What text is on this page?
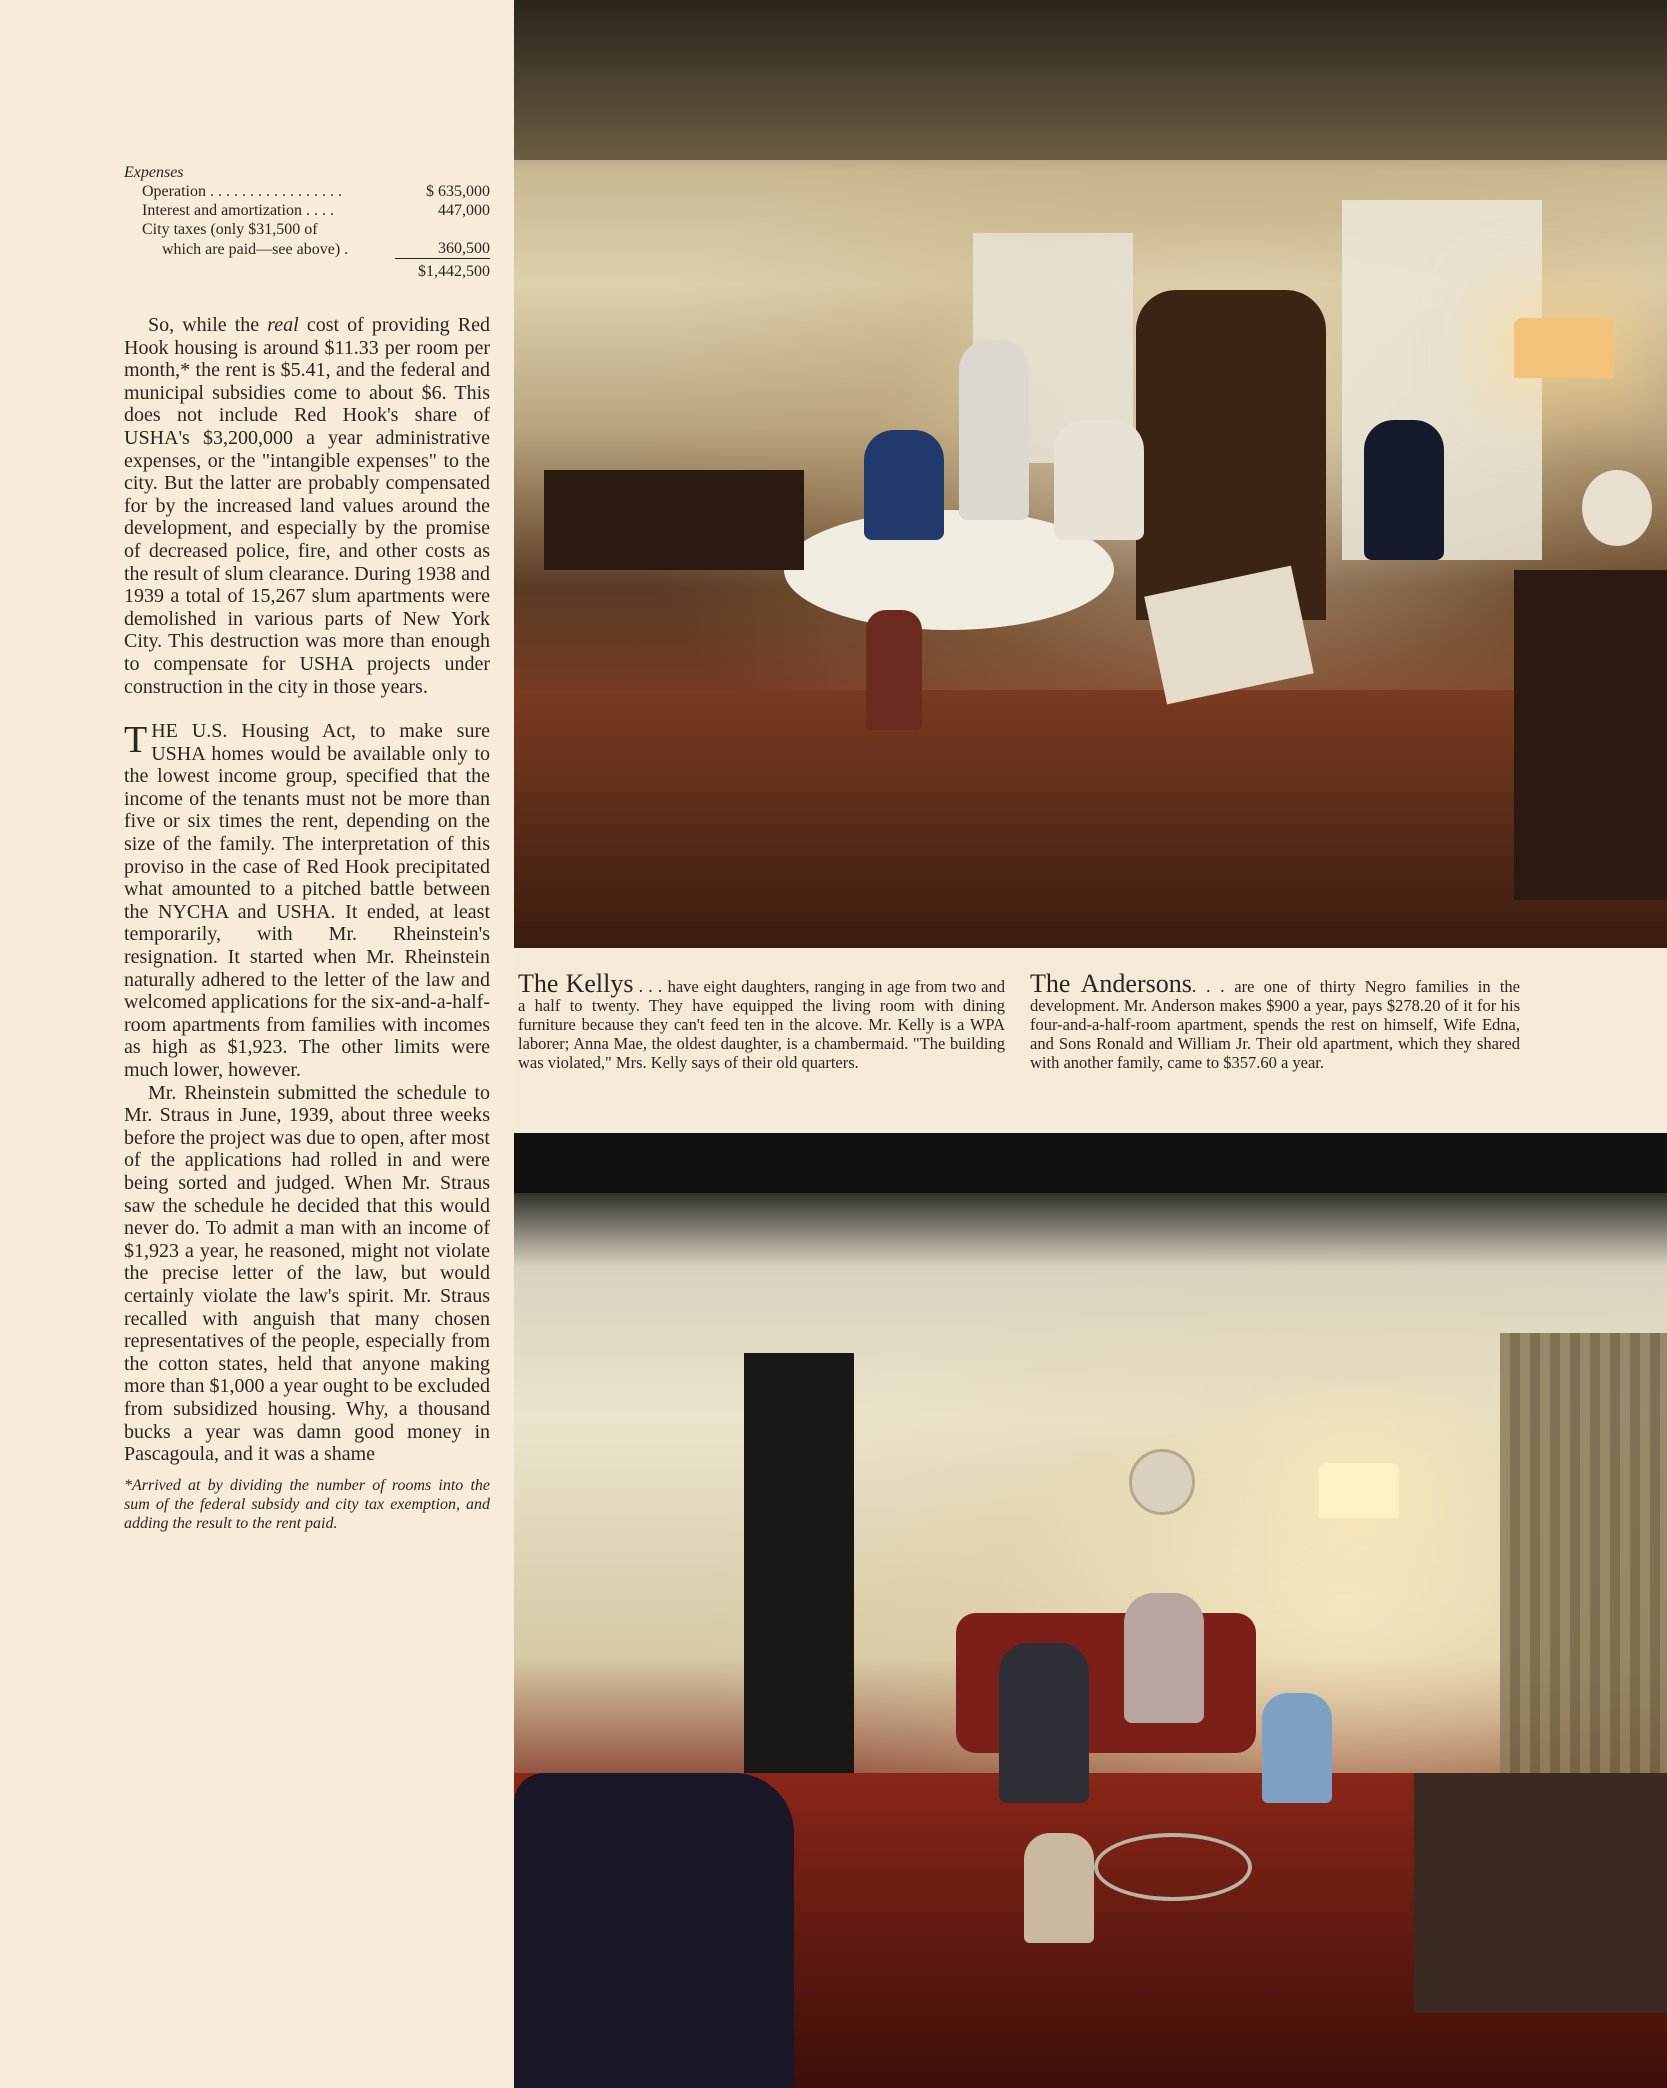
Expenses

Operation . . . . . . . . . . . . . . . . .	$ 635,000
Interest and amortization . . . .	447,000
City taxes (only $31,500 of	
which are paid—see above) .	360,500
	$1,442,500

So, while the real cost of providing Red Hook housing is around $11.33 per room per month,* the rent is $5.41, and the federal and municipal subsidies come to about $6. This does not include Red Hook's share of USHA's $3,200,000 a year administrative expenses, or the "intangible expenses" to the city. But the latter are probably compensated for by the increased land values around the development, and especially by the promise of decreased police, fire, and other costs as the result of slum clearance. During 1938 and 1939 a total of 15,267 slum apartments were demolished in various parts of New York City. This destruction was more than enough to compensate for USHA projects under construction in the city in those years.

THE U.S. Housing Act, to make sure USHA homes would be available only to the lowest income group, specified that the income of the tenants must not be more than five or six times the rent, depending on the size of the family. The interpretation of this proviso in the case of Red Hook precipitated what amounted to a pitched battle between the NYCHA and USHA. It ended, at least temporarily, with Mr. Rheinstein's resignation. It started when Mr. Rheinstein naturally adhered to the letter of the law and welcomed applications for the six-and-a-half-room apartments from families with incomes as high as $1,923. The other limits were much lower, however.

Mr. Rheinstein submitted the schedule to Mr. Straus in June, 1939, about three weeks before the project was due to open, after most of the applications had rolled in and were being sorted and judged. When Mr. Straus saw the schedule he decided that this would never do. To admit a man with an income of $1,923 a year, he reasoned, might not violate the precise letter of the law, but would certainly violate the law's spirit. Mr. Straus recalled with anguish that many chosen representatives of the people, especially from the cotton states, held that anyone making more than $1,000 a year ought to be excluded from subsidized housing. Why, a thousand bucks a year was damn good money in Pascagoula, and it was a shame

*Arrived at by dividing the number of rooms into the sum of the federal subsidy and city tax exemption, and adding the result to the rent paid.

The Kellys . . . have eight daughters, ranging in age from two and a half to twenty. They have equipped the living room with dining furniture because they can't feed ten in the alcove. Mr. Kelly is a WPA laborer; Anna Mae, the oldest daughter, is a chambermaid. "The building was violated," Mrs. Kelly says of their old quarters.

The Andersons. . . are one of thirty Negro families in the development. Mr. Anderson makes $900 a year, pays $278.20 of it for his four-and-a-half-room apartment, spends the rest on himself, Wife Edna, and Sons Ronald and William Jr. Their old apartment, which they shared with another family, came to $357.60 a year.
